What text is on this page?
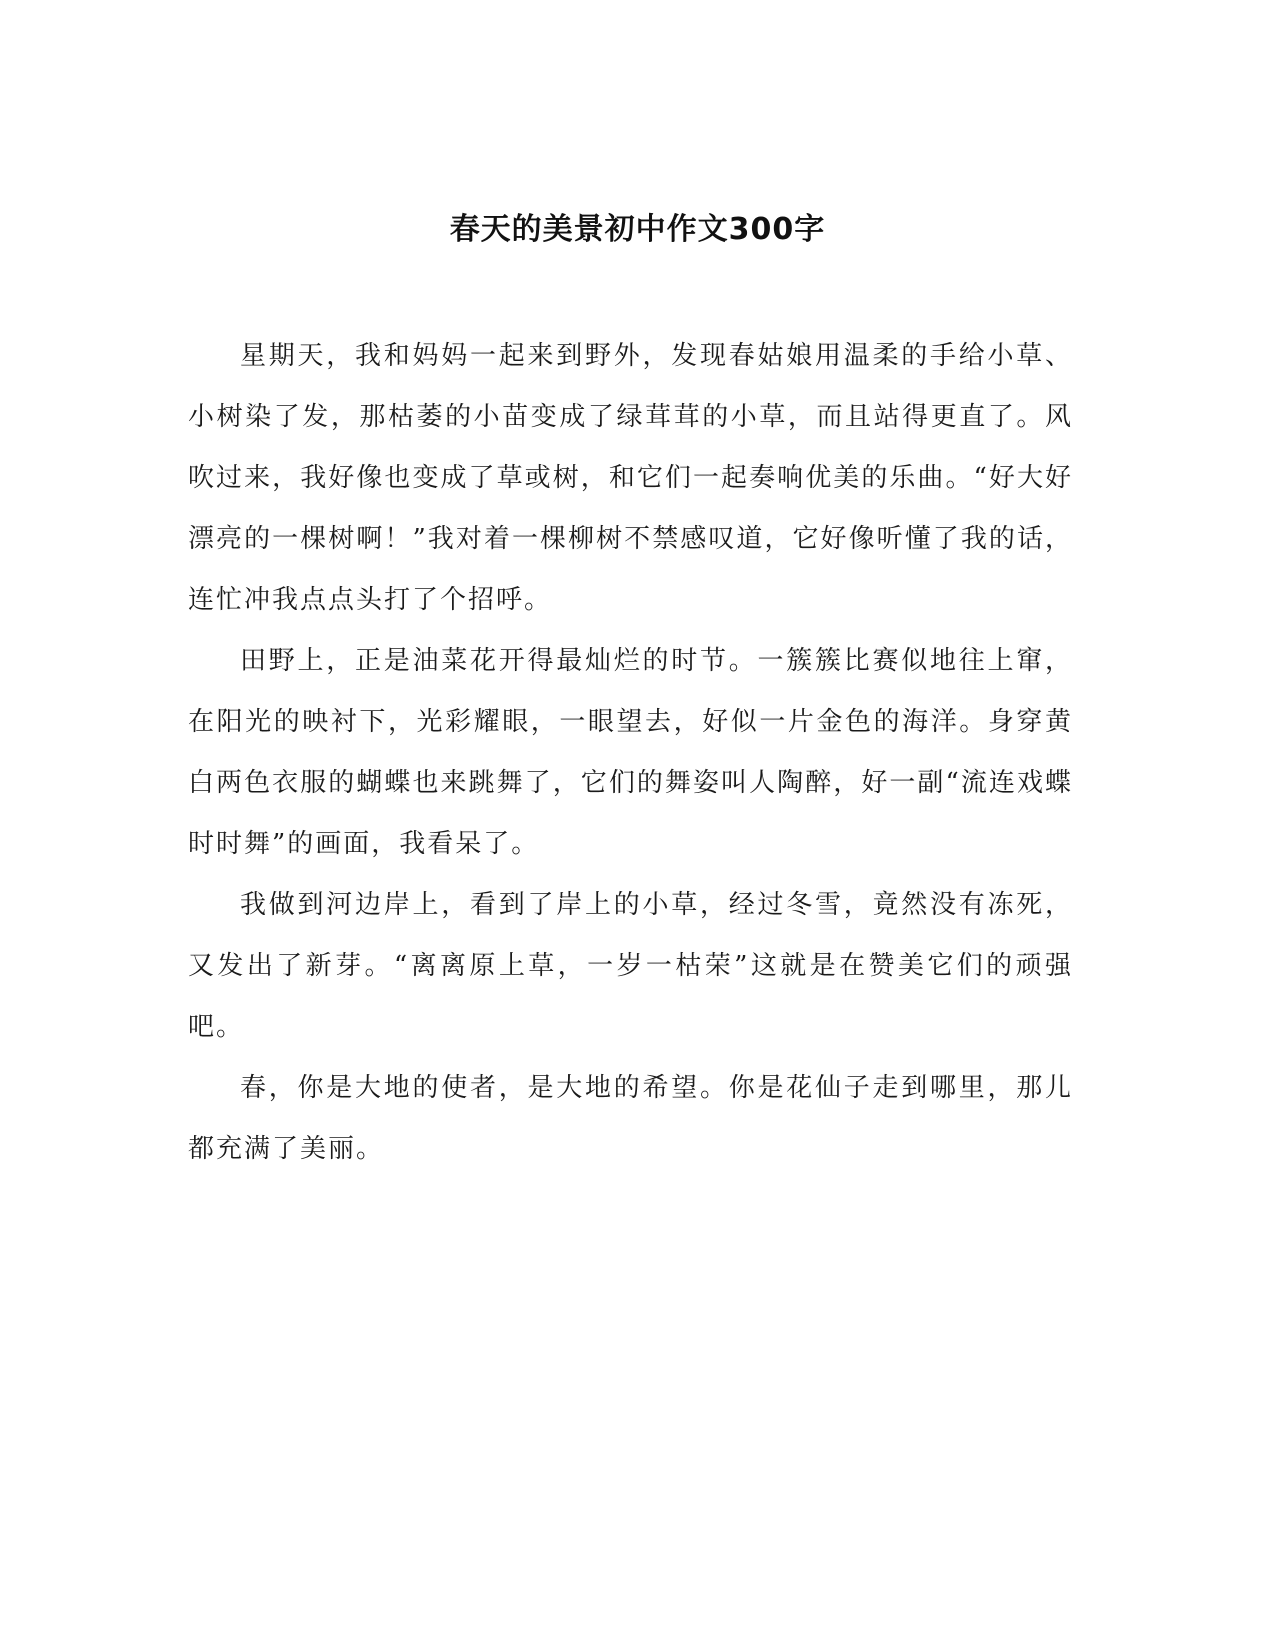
春天的美景初中作文300字

星期天，我和妈妈一起来到野外，发现春姑娘用温柔的手给小草、小树染了发，那枯萎的小苗变成了绿茸茸的小草，而且站得更直了。风吹过来，我好像也变成了草或树，和它们一起奏响优美的乐曲。“好大好漂亮的一棵树啊！”我对着一棵柳树不禁感叹道，它好像听懂了我的话，连忙冲我点点头打了个招呼。

田野上，正是油菜花开得最灿烂的时节。一簇簇比赛似地往上窜，在阳光的映衬下，光彩耀眼，一眼望去，好似一片金色的海洋。身穿黄白两色衣服的蝴蝶也来跳舞了，它们的舞姿叫人陶醉，好一副“流连戏蝶时时舞”的画面，我看呆了。

我做到河边岸上，看到了岸上的小草，经过冬雪，竟然没有冻死，又发出了新芽。“离离原上草，一岁一枯荣”这就是在赞美它们的顽强吧。

春，你是大地的使者，是大地的希望。你是花仙子走到哪里，那儿都充满了美丽。
